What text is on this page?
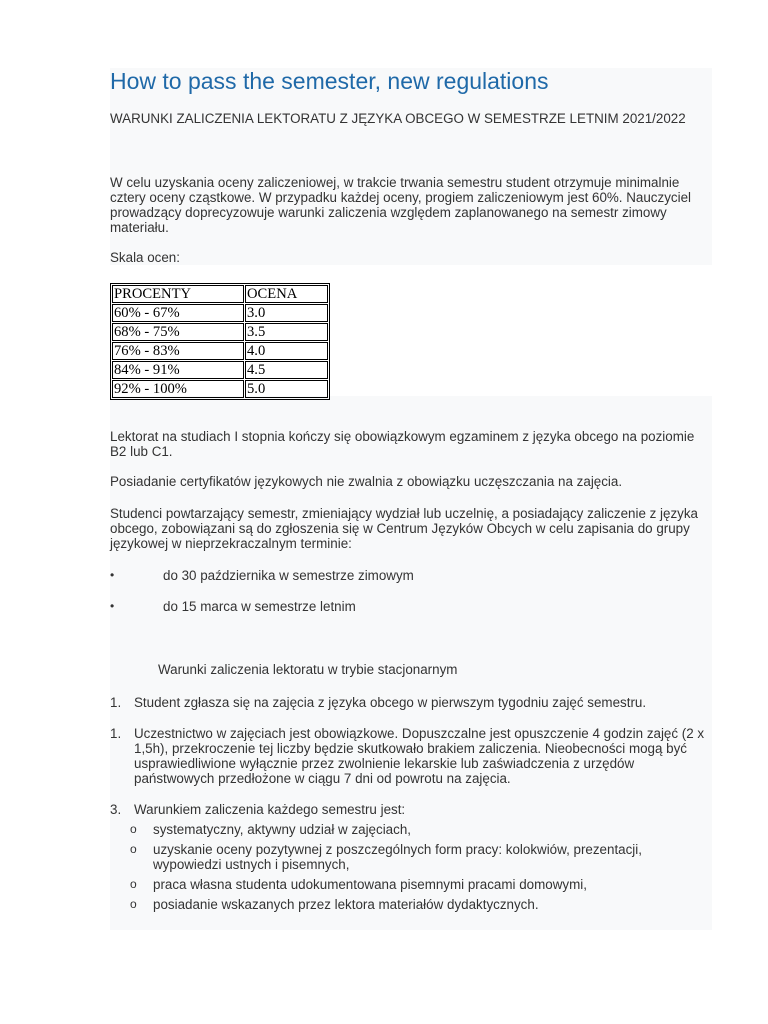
How to pass the semester, new regulations

WARUNKI ZALICZENIA LEKTORATU Z JĘZYKA OBCEGO W SEMESTRZE LETNIM 2021/2022

W celu uzyskania oceny zaliczeniowej, w trakcie trwania semestru student otrzymuje minimalnie cztery oceny cząstkowe. W przypadku każdej oceny, progiem zaliczeniowym jest 60%. Nauczyciel prowadzący doprecyzowuje warunki zaliczenia względem zaplanowanego na semestr zimowy materiału.

Skala ocen:

PROCENTY	OCENA
60% - 67%	3.0
68% - 75%	3.5
76% - 83%	4.0
84% - 91%	4.5
92% - 100%	5.0

Lektorat na studiach I stopnia kończy się obowiązkowym egzaminem z języka obcego na poziomie B2 lub C1.

Posiadanie certyfikatów językowych nie zwalnia z obowiązku uczęszczania na zajęcia.

Studenci powtarzający semestr, zmieniający wydział lub uczelnię, a posiadający zaliczenie z języka obcego, zobowiązani są do zgłoszenia się w Centrum Języków Obcych w celu zapisania do grupy językowej w nieprzekraczalnym terminie:

•	do 30 października w semestrze zimowym

•	do 15 marca w semestrze letnim

Warunki zaliczenia lektoratu w trybie stacjonarnym

1. Student zgłasza się na zajęcia z języka obcego w pierwszym tygodniu zajęć semestru.

1. Uczestnictwo w zajęciach jest obowiązkowe. Dopuszczalne jest opuszczenie 4 godzin zajęć (2 x 1,5h), przekroczenie tej liczby będzie skutkowało brakiem zaliczenia. Nieobecności mogą być usprawiedliwione wyłącznie przez zwolnienie lekarskie lub zaświadczenia z urzędów państwowych przedłożone w ciągu 7 dni od powrotu na zajęcia.

3. Warunkiem zaliczenia każdego semestru jest:

o systematyczny, aktywny udział w zajęciach,

o uzyskanie oceny pozytywnej z poszczególnych form pracy: kolokwiów, prezentacji, wypowiedzi ustnych i pisemnych,

o praca własna studenta udokumentowana pisemnymi pracami domowymi,

o posiadanie wskazanych przez lektora materiałów dydaktycznych.
